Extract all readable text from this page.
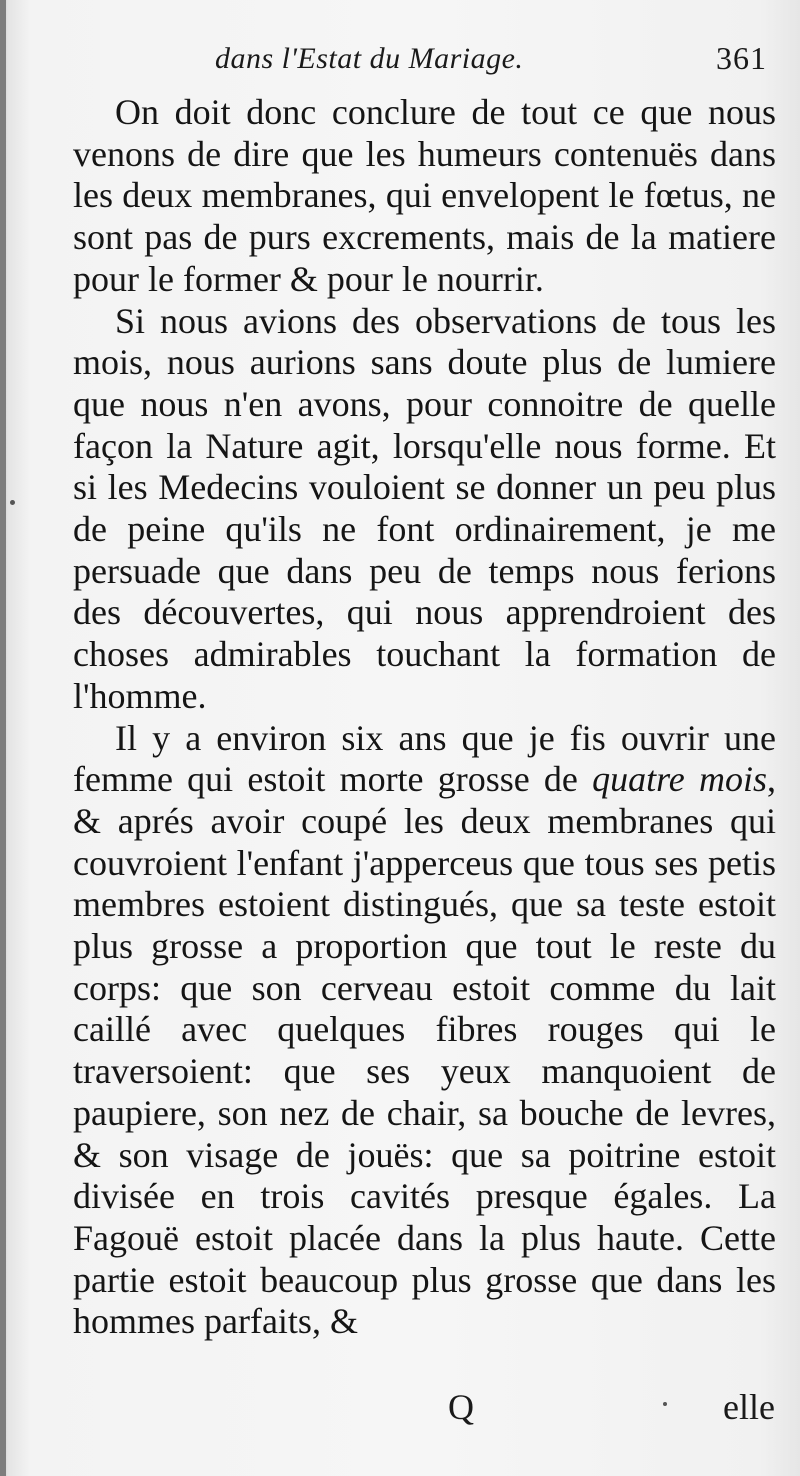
dans l'Estat du Mariage.	361

On doit donc conclure de tout ce que nous venons de dire que les humeurs contenuës dans les deux membranes, qui envelopent le fœtus, ne sont pas de purs excrements, mais de la matiere pour le former & pour le nourrir.

Si nous avions des observations de tous les mois, nous aurions sans doute plus de lumiere que nous n'en avons, pour connoitre de quelle façon la Nature agit, lorsqu'elle nous forme. Et si les Medecins vouloient se donner un peu plus de peine qu'ils ne font ordinairement, je me persuade que dans peu de temps nous ferions des découvertes, qui nous apprendroient des choses admirables touchant la formation de l'homme.

Il y a environ six ans que je fis ouvrir une femme qui estoit morte grosse de quatre mois, & aprés avoir coupé les deux membranes qui couvroient l'enfant j'apperceus que tous ses petis membres estoient distingués, que sa teste estoit plus grosse a proportion que tout le reste du corps: que son cerveau estoit comme du lait caillé avec quelques fibres rouges qui le traversoient: que ses yeux manquoient de paupiere, son nez de chair, sa bouche de levres, & son visage de jouës: que sa poitrine estoit divisée en trois cavités presque égales. La Fagouë estoit placée dans la plus haute. Cette partie estoit beaucoup plus grosse que dans les hommes parfaits, &

Q	elle
